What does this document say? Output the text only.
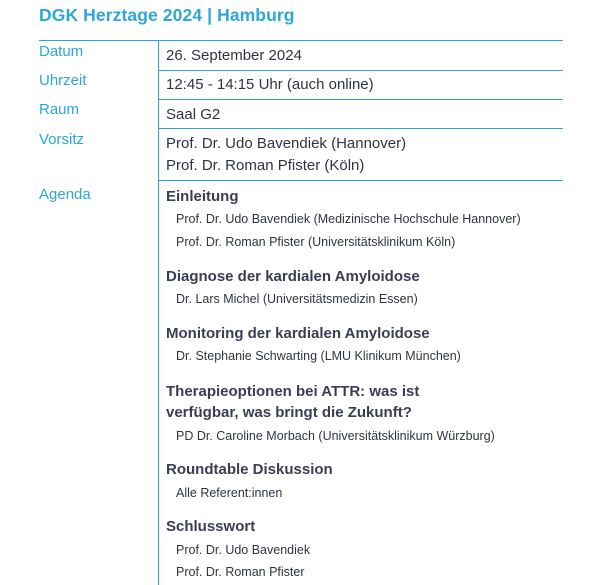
DGK Herztage 2024 | Hamburg
Datum	26. September 2024
Uhrzeit	12:45 - 14:15 Uhr (auch online)
Raum	Saal G2
Vorsitz	Prof. Dr. Udo Bavendiek (Hannover)
Prof. Dr. Roman Pfister (Köln)
Agenda	Einleitung
Prof. Dr. Udo Bavendiek (Medizinische Hochschule Hannover)
Prof. Dr. Roman Pfister (Universitätsklinikum Köln)
Diagnose der kardialen Amyloidose
Dr. Lars Michel (Universitätsmedizin Essen)
Monitoring der kardialen Amyloidose
Dr. Stephanie Schwarting (LMU Klinikum München)
Therapieoptionen bei ATTR: was ist
verfügbar, was bringt die Zukunft?
PD Dr. Caroline Morbach (Universitätsklinikum Würzburg)
Roundtable Diskussion
Alle Referent:innen
Schlusswort
Prof. Dr. Udo Bavendiek
Prof. Dr. Roman Pfister
